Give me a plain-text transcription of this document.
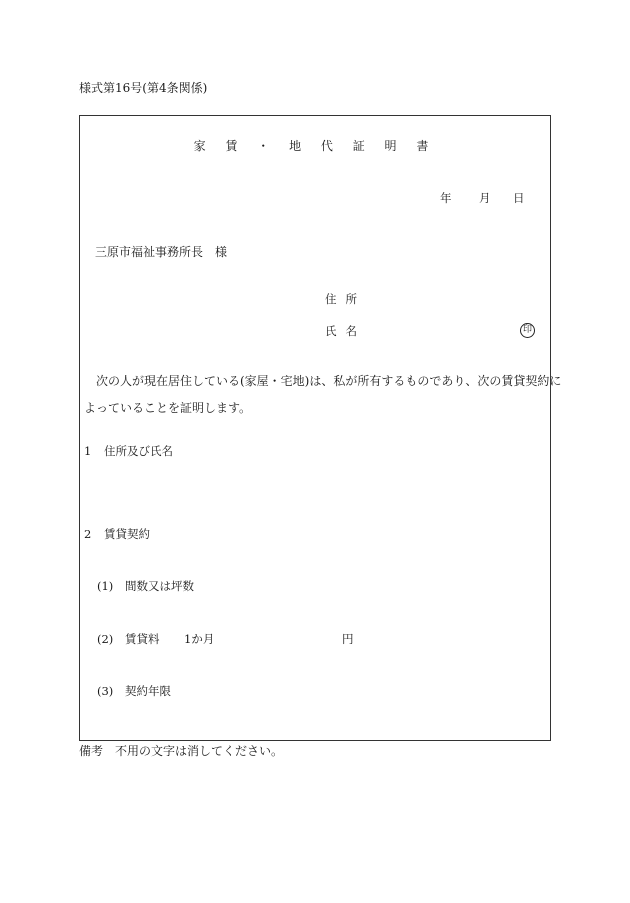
様式第16号(第4条関係)
家 賃 ・ 地 代 証 明 書
年 月 日
三原市福祉事務所長　様
住所
氏名	印
次の人が現在居住している(家屋・宅地)は、私が所有するものであり、次の賃貸契約に
よっていることを証明します。
1 住所及び氏名
2 賃貸契約
(1) 間数又は坪数
(2) 賃貸料 1か月	円
(3) 契約年限
備考　不用の文字は消してください。
